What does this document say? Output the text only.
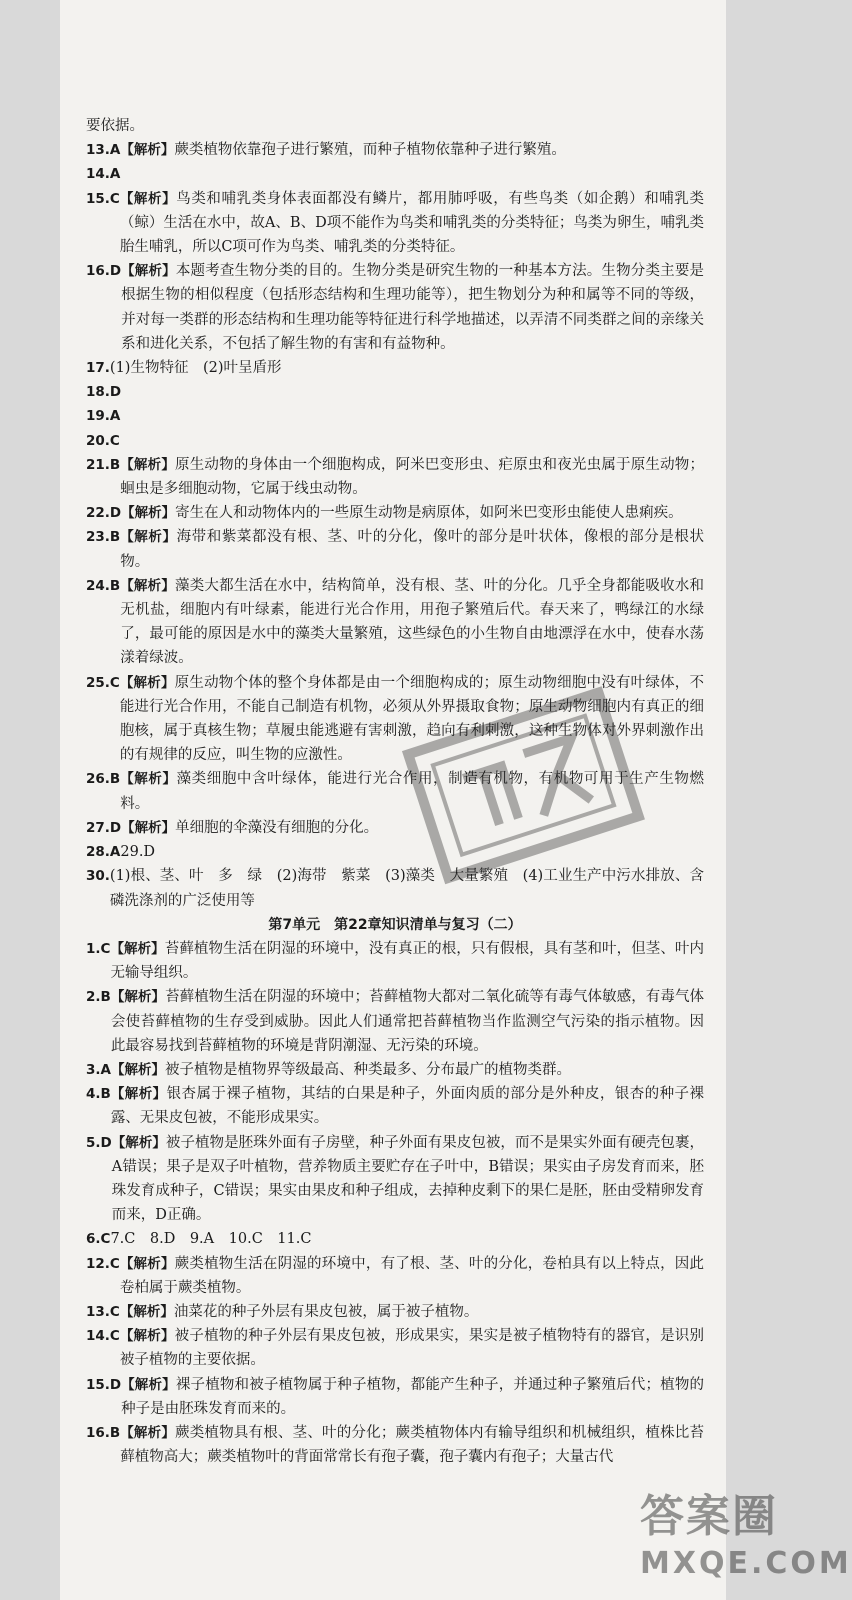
要依据。
13.A 【解析】蕨类植物依靠孢子进行繁殖，而种子植物依靠种子进行繁殖。
14.A
15.C 【解析】鸟类和哺乳类身体表面都没有鳞片，都用肺呼吸，有些鸟类（如企鹅）和哺乳类（鲸）生活在水中，故A、B、D项不能作为鸟类和哺乳类的分类特征；鸟类为卵生，哺乳类胎生哺乳，所以C项可作为鸟类、哺乳类的分类特征。
16.D 【解析】本题考查生物分类的目的。生物分类是研究生物的一种基本方法。生物分类主要是根据生物的相似程度（包括形态结构和生理功能等），把生物划分为种和属等不同的等级，并对每一类群的形态结构和生理功能等特征进行科学地描述，以弄清不同类群之间的亲缘关系和进化关系，不包括了解生物的有害和有益物种。
17. (1)生物特征　(2)叶呈盾形
18.D
19.A
20.C
21.B 【解析】原生动物的身体由一个细胞构成，阿米巴变形虫、疟原虫和夜光虫属于原生动物；蛔虫是多细胞动物，它属于线虫动物。
22.D 【解析】寄生在人和动物体内的一些原生动物是病原体，如阿米巴变形虫能使人患痢疾。
23.B 【解析】海带和紫菜都没有根、茎、叶的分化，像叶的部分是叶状体，像根的部分是根状物。
24.B 【解析】藻类大都生活在水中，结构简单，没有根、茎、叶的分化。几乎全身都能吸收水和无机盐，细胞内有叶绿素，能进行光合作用，用孢子繁殖后代。春天来了，鸭绿江的水绿了，最可能的原因是水中的藻类大量繁殖，这些绿色的小生物自由地漂浮在水中，使春水荡漾着绿波。
25.C 【解析】原生动物个体的整个身体都是由一个细胞构成的；原生动物细胞中没有叶绿体，不能进行光合作用，不能自己制造有机物，必须从外界摄取食物；原生动物细胞内有真正的细胞核，属于真核生物；草履虫能逃避有害刺激，趋向有利刺激，这种生物体对外界刺激作出的有规律的反应，叫生物的应激性。
26.B 【解析】藻类细胞中含叶绿体，能进行光合作用，制造有机物，有机物可用于生产生物燃料。
27.D 【解析】单细胞的伞藻没有细胞的分化。
28.A 29.D
30. (1)根、茎、叶　多　绿　(2)海带　紫菜　(3)藻类　大量繁殖　(4)工业生产中污水排放、含磷洗涤剂的广泛使用等
第7单元　第22章知识清单与复习（二）
1.C 【解析】苔藓植物生活在阴湿的环境中，没有真正的根，只有假根，具有茎和叶，但茎、叶内无输导组织。
2.B 【解析】苔藓植物生活在阴湿的环境中；苔藓植物大都对二氧化硫等有毒气体敏感，有毒气体会使苔藓植物的生存受到威胁。因此人们通常把苔藓植物当作监测空气污染的指示植物。因此最容易找到苔藓植物的环境是背阴潮湿、无污染的环境。
3.A 【解析】被子植物是植物界等级最高、种类最多、分布最广的植物类群。
4.B 【解析】银杏属于裸子植物，其结的白果是种子，外面肉质的部分是外种皮，银杏的种子裸露、无果皮包被，不能形成果实。
5.D 【解析】被子植物是胚珠外面有子房壁，种子外面有果皮包被，而不是果实外面有硬壳包裹，A错误；果子是双子叶植物，营养物质主要贮存在子叶中，B错误；果实由子房发育而来，胚珠发育成种子，C错误；果实由果皮和种子组成，去掉种皮剩下的果仁是胚，胚由受精卵发育而来，D正确。
6.C 7.C　8.D　9.A　10.C　11.C
12.C 【解析】蕨类植物生活在阴湿的环境中，有了根、茎、叶的分化，卷柏具有以上特点，因此卷柏属于蕨类植物。
13.C 【解析】油菜花的种子外层有果皮包被，属于被子植物。
14.C 【解析】被子植物的种子外层有果皮包被，形成果实，果实是被子植物特有的器官，是识别被子植物的主要依据。
15.D 【解析】裸子植物和被子植物属于种子植物，都能产生种子，并通过种子繁殖后代；植物的种子是由胚珠发育而来的。
16.B 【解析】蕨类植物具有根、茎、叶的分化；蕨类植物体内有输导组织和机械组织，植株比苔藓植物高大；蕨类植物叶的背面常常长有孢子囊，孢子囊内有孢子；大量古代
答案圈
MXQE.COM
